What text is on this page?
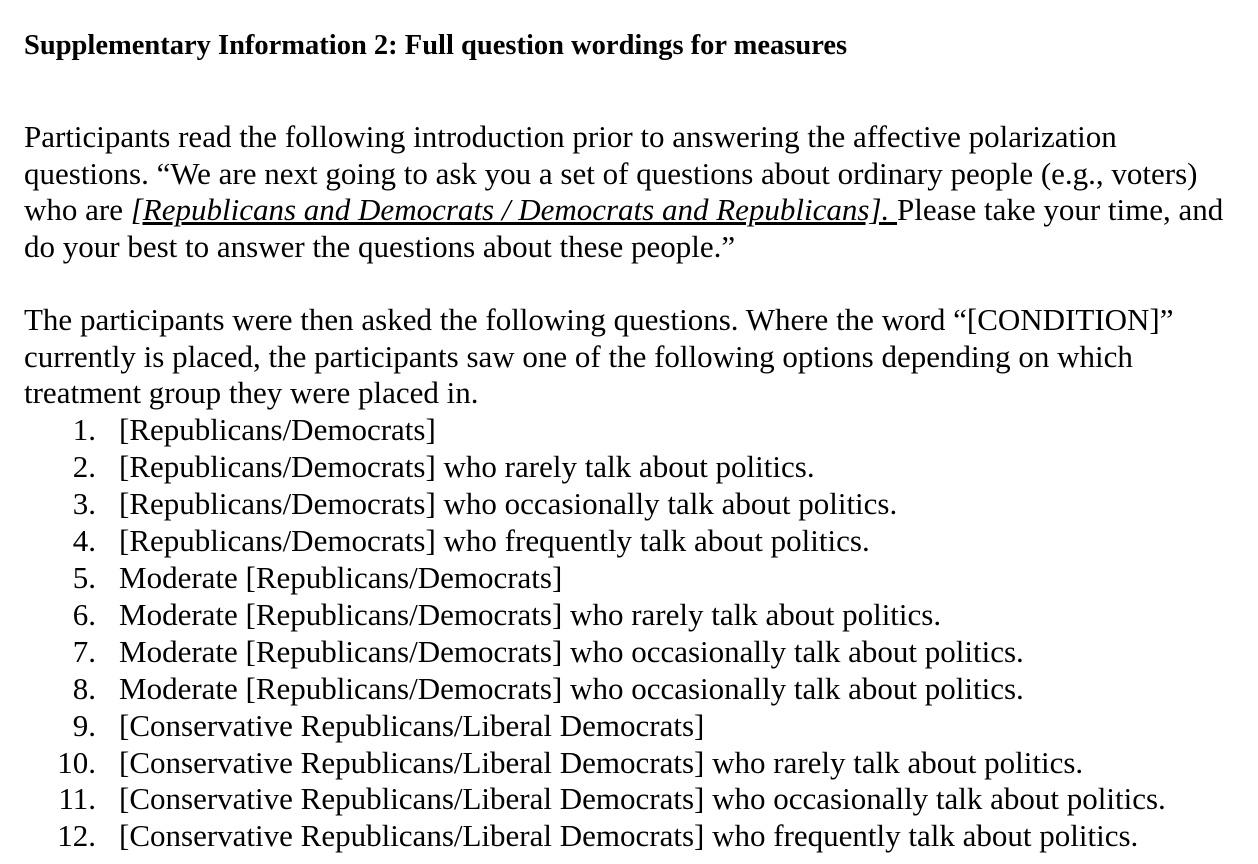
Supplementary Information 2: Full question wordings for measures

Participants read the following introduction prior to answering the affective polarization
questions. “We are next going to ask you a set of questions about ordinary people (e.g., voters)
who are [Republicans and Democrats / Democrats and Republicans]. Please take your time, and
do your best to answer the questions about these people.”

The participants were then asked the following questions. Where the word “[CONDITION]”
currently is placed, the participants saw one of the following options depending on which
treatment group they were placed in.

1. [Republicans/Democrats]
2. [Republicans/Democrats] who rarely talk about politics.
3. [Republicans/Democrats] who occasionally talk about politics.
4. [Republicans/Democrats] who frequently talk about politics.
5. Moderate [Republicans/Democrats]
6. Moderate [Republicans/Democrats] who rarely talk about politics.
7. Moderate [Republicans/Democrats] who occasionally talk about politics.
8. Moderate [Republicans/Democrats] who occasionally talk about politics.
9. [Conservative Republicans/Liberal Democrats]
10. [Conservative Republicans/Liberal Democrats] who rarely talk about politics.
11. [Conservative Republicans/Liberal Democrats] who occasionally talk about politics.
12. [Conservative Republicans/Liberal Democrats] who frequently talk about politics.
